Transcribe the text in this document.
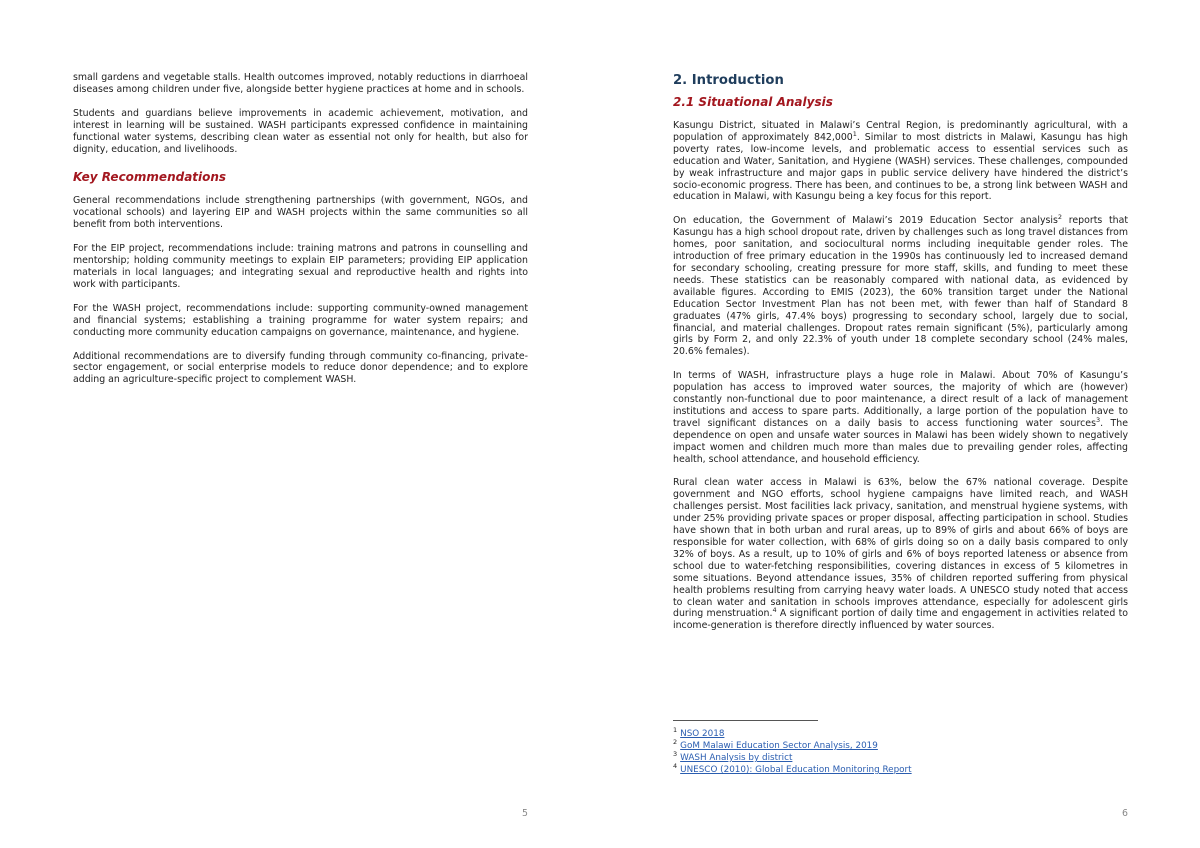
small gardens and vegetable stalls. Health outcomes improved, notably reductions in diarrhoeal diseases among children under five, alongside better hygiene practices at home and in schools.

Students and guardians believe improvements in academic achievement, motivation, and interest in learning will be sustained. WASH participants expressed confidence in maintaining functional water systems, describing clean water as essential not only for health, but also for dignity, education, and livelihoods.

Key Recommendations

General recommendations include strengthening partnerships (with government, NGOs, and vocational schools) and layering EIP and WASH projects within the same communities so all benefit from both interventions.

For the EIP project, recommendations include: training matrons and patrons in counselling and mentorship; holding community meetings to explain EIP parameters; providing EIP application materials in local languages; and integrating sexual and reproductive health and rights into work with participants.

For the WASH project, recommendations include: supporting community-owned management and financial systems; establishing a training programme for water system repairs; and conducting more community education campaigns on governance, maintenance, and hygiene.

Additional recommendations are to diversify funding through community co-financing, private-sector engagement, or social enterprise models to reduce donor dependence; and to explore adding an agriculture-specific project to complement WASH.

5
2. Introduction
2.1 Situational Analysis

Kasungu District, situated in Malawi’s Central Region, is predominantly agricultural, with a population of approximately 842,000$^1$. Similar to most districts in Malawi, Kasungu has high poverty rates, low-income levels, and problematic access to essential services such as education and Water, Sanitation, and Hygiene (WASH) services. These challenges, compounded by weak infrastructure and major gaps in public service delivery have hindered the district’s socio-economic progress. There has been, and continues to be, a strong link between WASH and education in Malawi, with Kasungu being a key focus for this report.

On education, the Government of Malawi’s 2019 Education Sector analysis$^2$ reports that Kasungu has a high school dropout rate, driven by challenges such as long travel distances from homes, poor sanitation, and sociocultural norms including inequitable gender roles. The introduction of free primary education in the 1990s has continuously led to increased demand for secondary schooling, creating pressure for more staff, skills, and funding to meet these needs. These statistics can be reasonably compared with national data, as evidenced by available figures. According to EMIS (2023), the 60% transition target under the National Education Sector Investment Plan has not been met, with fewer than half of Standard 8 graduates (47% girls, 47.4% boys) progressing to secondary school, largely due to social, financial, and material challenges. Dropout rates remain significant (5%), particularly among girls by Form 2, and only 22.3% of youth under 18 complete secondary school (24% males, 20.6% females).

In terms of WASH, infrastructure plays a huge role in Malawi. About 70% of Kasungu’s population has access to improved water sources, the majority of which are (however) constantly non-functional due to poor maintenance, a direct result of a lack of management institutions and access to spare parts. Additionally, a large portion of the population have to travel significant distances on a daily basis to access functioning water sources$^3$. The dependence on open and unsafe water sources in Malawi has been widely shown to negatively impact women and children much more than males due to prevailing gender roles, affecting health, school attendance, and household efficiency.

Rural clean water access in Malawi is 63%, below the 67% national coverage. Despite government and NGO efforts, school hygiene campaigns have limited reach, and WASH challenges persist. Most facilities lack privacy, sanitation, and menstrual hygiene systems, with under 25% providing private spaces or proper disposal, affecting participation in school. Studies have shown that in both urban and rural areas, up to 89% of girls and about 66% of boys are responsible for water collection, with 68% of girls doing so on a daily basis compared to only 32% of boys. As a result, up to 10% of girls and 6% of boys reported lateness or absence from school due to water-fetching responsibilities, covering distances in excess of 5 kilometres in some situations. Beyond attendance issues, 35% of children reported suffering from physical health problems resulting from carrying heavy water loads. A UNESCO study noted that access to clean water and sanitation in schools improves attendance, especially for adolescent girls during menstruation.$^4$ A significant portion of daily time and engagement in activities related to income-generation is therefore directly influenced by water sources.

$^1$ NSO 2018

$^2$ GoM Malawi Education Sector Analysis, 2019

$^3$ WASH Analysis by district

$^4$ UNESCO (2010): Global Education Monitoring Report

6
